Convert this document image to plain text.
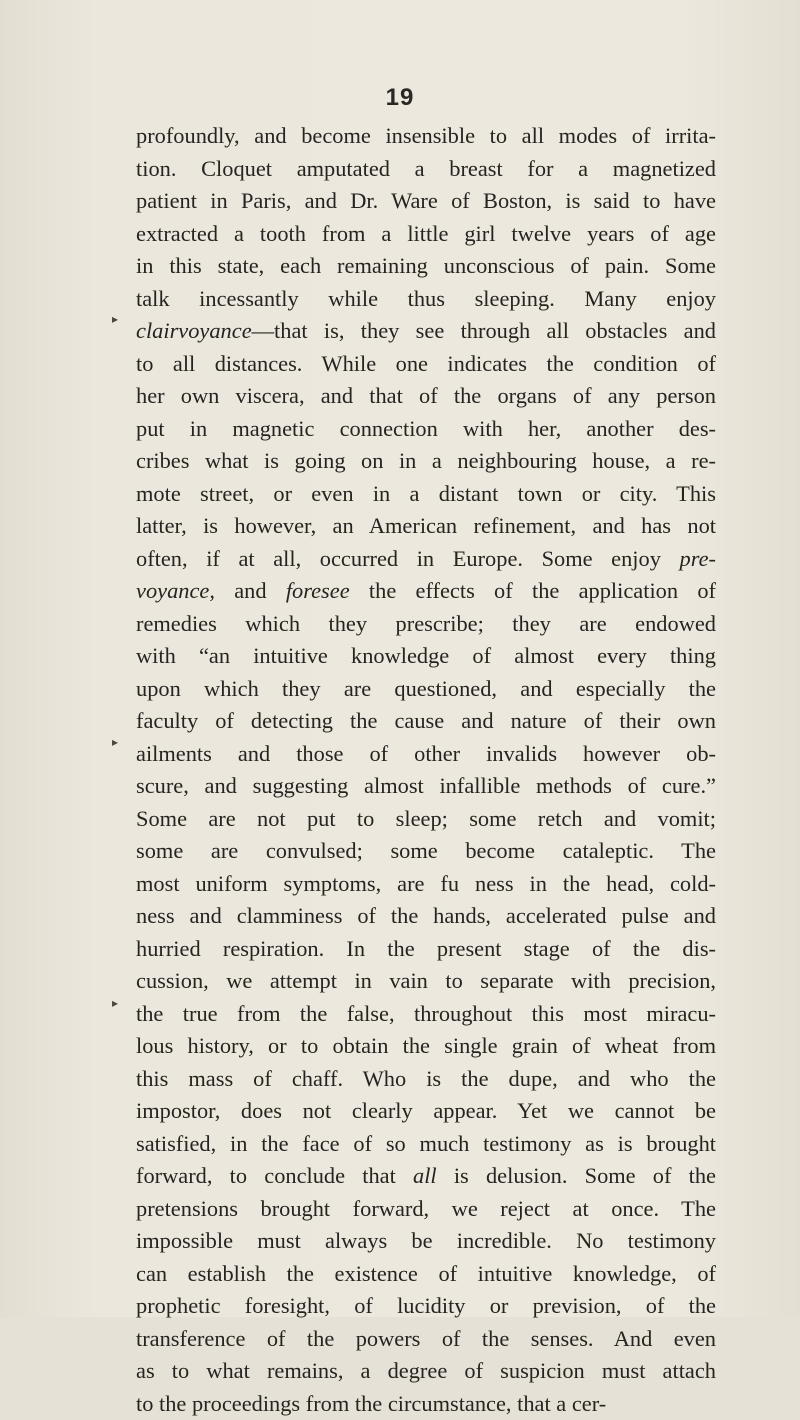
19
▸
▸
▸
profoundly, and become insensible to all modes of irrita-
tion. Cloquet amputated a breast for a magnetized
patient in Paris, and Dr. Ware of Boston, is said to have
extracted a tooth from a little girl twelve years of age
in this state, each remaining unconscious of pain. Some
talk incessantly while thus sleeping. Many enjoy
clairvoyance—that is, they see through all obstacles and
to all distances. While one indicates the condition of
her own viscera, and that of the organs of any person
put in magnetic connection with her, another des-
cribes what is going on in a neighbouring house, a re-
mote street, or even in a distant town or city. This
latter, is however, an American refinement, and has not
often, if at all, occurred in Europe. Some enjoy pre-
voyance, and foresee the effects of the application of
remedies which they prescribe; they are endowed
with “an intuitive knowledge of almost every thing
upon which they are questioned, and especially the
faculty of detecting the cause and nature of their own
ailments and those of other invalids however ob-
scure, and suggesting almost infallible methods of cure.”
Some are not put to sleep; some retch and vomit;
some are convulsed; some become cataleptic. The
most uniform symptoms, are fu ness in the head, cold-
ness and clamminess of the hands, accelerated pulse and
hurried respiration. In the present stage of the dis-
cussion, we attempt in vain to separate with precision,
the true from the false, throughout this most miracu-
lous history, or to obtain the single grain of wheat from
this mass of chaff. Who is the dupe, and who the
impostor, does not clearly appear. Yet we cannot be
satisfied, in the face of so much testimony as is brought
forward, to conclude that all is delusion. Some of the
pretensions brought forward, we reject at once. The
impossible must always be incredible. No testimony
can establish the existence of intuitive knowledge, of
prophetic foresight, of lucidity or prevision, of the
transference of the powers of the senses. And even
as to what remains, a degree of suspicion must attach
to the proceedings from the circumstance, that a cer-
